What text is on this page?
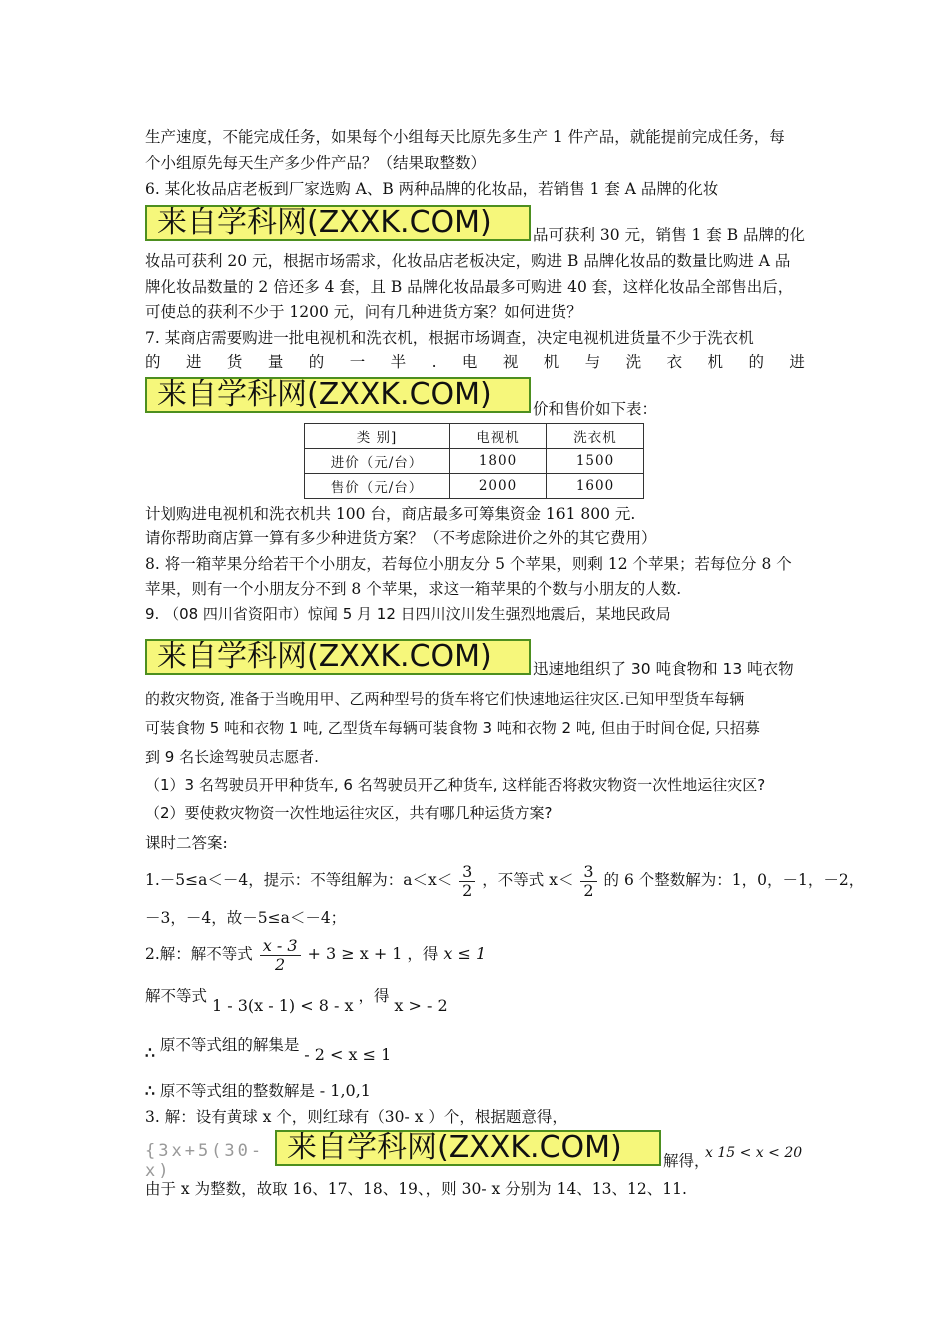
生产速度，不能完成任务，如果每个小组每天比原先多生产 1 件产品，就能提前完成任务，每
个小组原先每天生产多少件产品？（结果取整数）
6. 某化妆品店老板到厂家选购 A、B 两种品牌的化妆品，若销售 1 套 A 品牌的化妆
来自学科网(ZXXK.COM)	品可获利 30 元，销售 1 套 B 品牌的化
妆品可获利 20 元，根据市场需求，化妆品店老板决定，购进 B 品牌化妆品的数量比购进 A 品
牌化妆品数量的 2 倍还多 4 套，且 B 品牌化妆品最多可购进 40 套，这样化妆品全部售出后，
可使总的获利不少于 1200 元，问有几种进货方案？如何进货？
7. 某商店需要购进一批电视机和洗衣机，根据市场调查，决定电视机进货量不少于洗衣机
的 进 货 量 的 一 半 . 电 视 机 与 洗 衣 机 的 进
来自学科网(ZXXK.COM)	价和售价如下表：
类 别]	电视机	洗衣机
进价（元/台）	1800	1500
售价（元/台）	2000	1600
计划购进电视机和洗衣机共 100 台，商店最多可筹集资金 161 800 元.
请你帮助商店算一算有多少种进货方案？（不考虑除进价之外的其它费用）
8. 将一箱苹果分给若干个小朋友，若每位小朋友分 5 个苹果，则剩 12 个苹果；若每位分 8 个
苹果，则有一个小朋友分不到 8 个苹果，求这一箱苹果的个数与小朋友的人数.
9. （08 四川省资阳市）惊闻 5 月 12 日四川汶川发生强烈地震后，某地民政局
来自学科网(ZXXK.COM)	迅速地组织了 30 吨食物和 13 吨衣物
的救灾物资, 准备于当晚用甲、乙两种型号的货车将它们快速地运往灾区.已知甲型货车每辆
可装食物 5 吨和衣物 1 吨, 乙型货车每辆可装食物 3 吨和衣物 2 吨, 但由于时间仓促, 只招募
到 9 名长途驾驶员志愿者.
（1）3 名驾驶员开甲种货车, 6 名驾驶员开乙种货车, 这样能否将救灾物资一次性地运往灾区?
（2）要使救灾物资一次性地运往灾区，共有哪几种运货方案?
课时二答案:
1.－5≤a＜－4，提示：不等组解为：$a<x< \frac{3}{2}$ ，不等式 $x< \frac{3}{2}$ 的 6 个整数解为：1，0，－1，－2，
－3，－4，故－5≤a＜－4；
2.解：解不等式 $\frac{x - 3}{2} + 3 \ge x + 1$ ，得 x ≤ 1
解不等式 1 - 3(x - 1) < 8 - x ，得 x > - 2
∴ 原不等式组的解集是 - 2 < x ≤ 1
∴ 原不等式组的整数解是 - 1,0,1
3. 解：设有黄球 x 个，则红球有（30- x ）个，根据题意得，
{3x+5(30-x)
来自学科网(ZXXK.COM)	解得，
x 15 < x < 20
由于 x 为整数，故取 16、17、18、19、，则 30- x 分别为 14、13、12、11.
